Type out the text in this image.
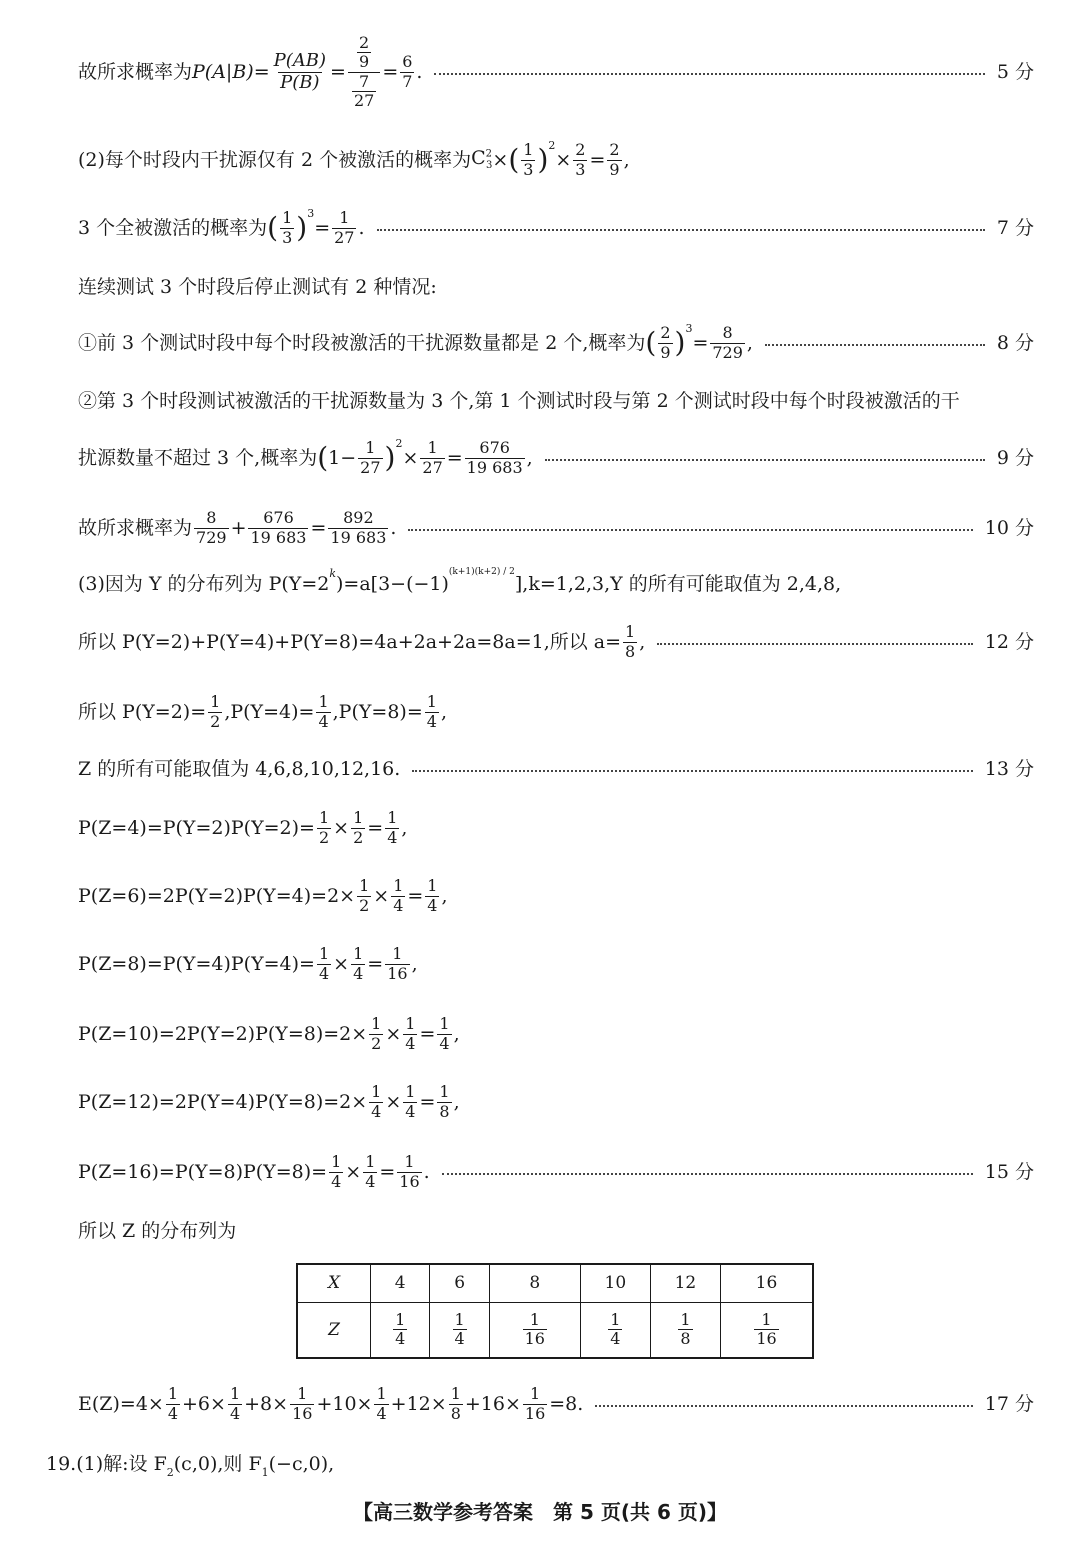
故所求概率为 $P(A|B)= \frac{P(AB)}{P(B)} = \frac{\frac{2}{9}}{\frac{7}{27}} = \frac{6}{7}$ .	5 分
(2)每个时段内干扰源仅有 2 个被激活的概率为 $C^2_3$ × ( $\frac{1}{3} )^2$
× $\frac{2}{3} = \frac{2}{9}$ ,
3 个全被激活的概率为 ( $\frac{1}{3} )^3$
= $\frac{1}{27}$ .	7 分
连续测试 3 个时段后停止测试有 2 种情况:
①前 3 个测试时段中每个时段被激活的干扰源数量都是 2 个,概率为 ( $\frac{2}{9} )^3$
= $\frac{8}{729}$ ,	8 分
②第 3 个时段测试被激活的干扰源数量为 3 个,第 1 个测试时段与第 2 个测试时段中每个时段被激活的干
扰源数量不超过 3 个,概率为 ( $1- \frac{1}{27} )^2$
× $\frac{1}{27} = \frac{676}{19 683}$ ,	9 分
故所求概率为 $\frac{8}{729} + \frac{676}{19 683} = \frac{892}{19 683}$ .	10 分
(3)因为 Y 的分布列为 $P(Y=2^k$ )=a[3−(−1)
$^{(k+1)(k+2) / 2}$
],k=1,2,3,Y 的所有可能取值为 2,4,8,
所以 P(Y=2)+P(Y=4)+P(Y=8)=4a+2a+2a=8a=1,所以 $a= \frac{1}{8}$ ,	12 分
所以 $P(Y=2)= \frac{1}{2} ,P(Y=4)= \frac{1}{4} ,P(Y=8)= \frac{1}{4}$ ,
Z 的所有可能取值为 4,6,8,10,12,16.	13 分
$P(Z=4)=P(Y=2)P(Y=2)= \frac{1}{2} \times \frac{1}{2} = \frac{1}{4}$ ,
$P(Z=6)=2P(Y=2)P(Y=4)=2\times \frac{1}{2} \times \frac{1}{4} = \frac{1}{4}$ ,
$P(Z=8)=P(Y=4)P(Y=4)= \frac{1}{4} \times \frac{1}{4} = \frac{1}{16}$ ,
$P(Z=10)=2P(Y=2)P(Y=8)=2\times \frac{1}{2} \times \frac{1}{4} = \frac{1}{4}$ ,
$P(Z=12)=2P(Y=4)P(Y=8)=2\times \frac{1}{4} \times \frac{1}{4} = \frac{1}{8}$ ,
$P(Z=16)=P(Y=8)P(Y=8)= \frac{1}{4} \times \frac{1}{4} = \frac{1}{16}$ .	15 分
所以 Z 的分布列为
X	4	6	8	10	12	16
Z	$\frac{1}{4}$	$\frac{1}{4}$	$\frac{1}{16}$	$\frac{1}{4}$	$\frac{1}{8}$	$\frac{1}{16}$
$E(Z)=4\times \frac{1}{4} +6\times \frac{1}{4} +8\times \frac{1}{16} +10\times \frac{1}{4} +12\times \frac{1}{8} +16\times \frac{1}{16} =8$.	17 分
19.(1)解:设 $F_2$ (c,0),则 $F_1$ (−c,0),
【高三数学参考答案　第 5 页(共 6 页)】
